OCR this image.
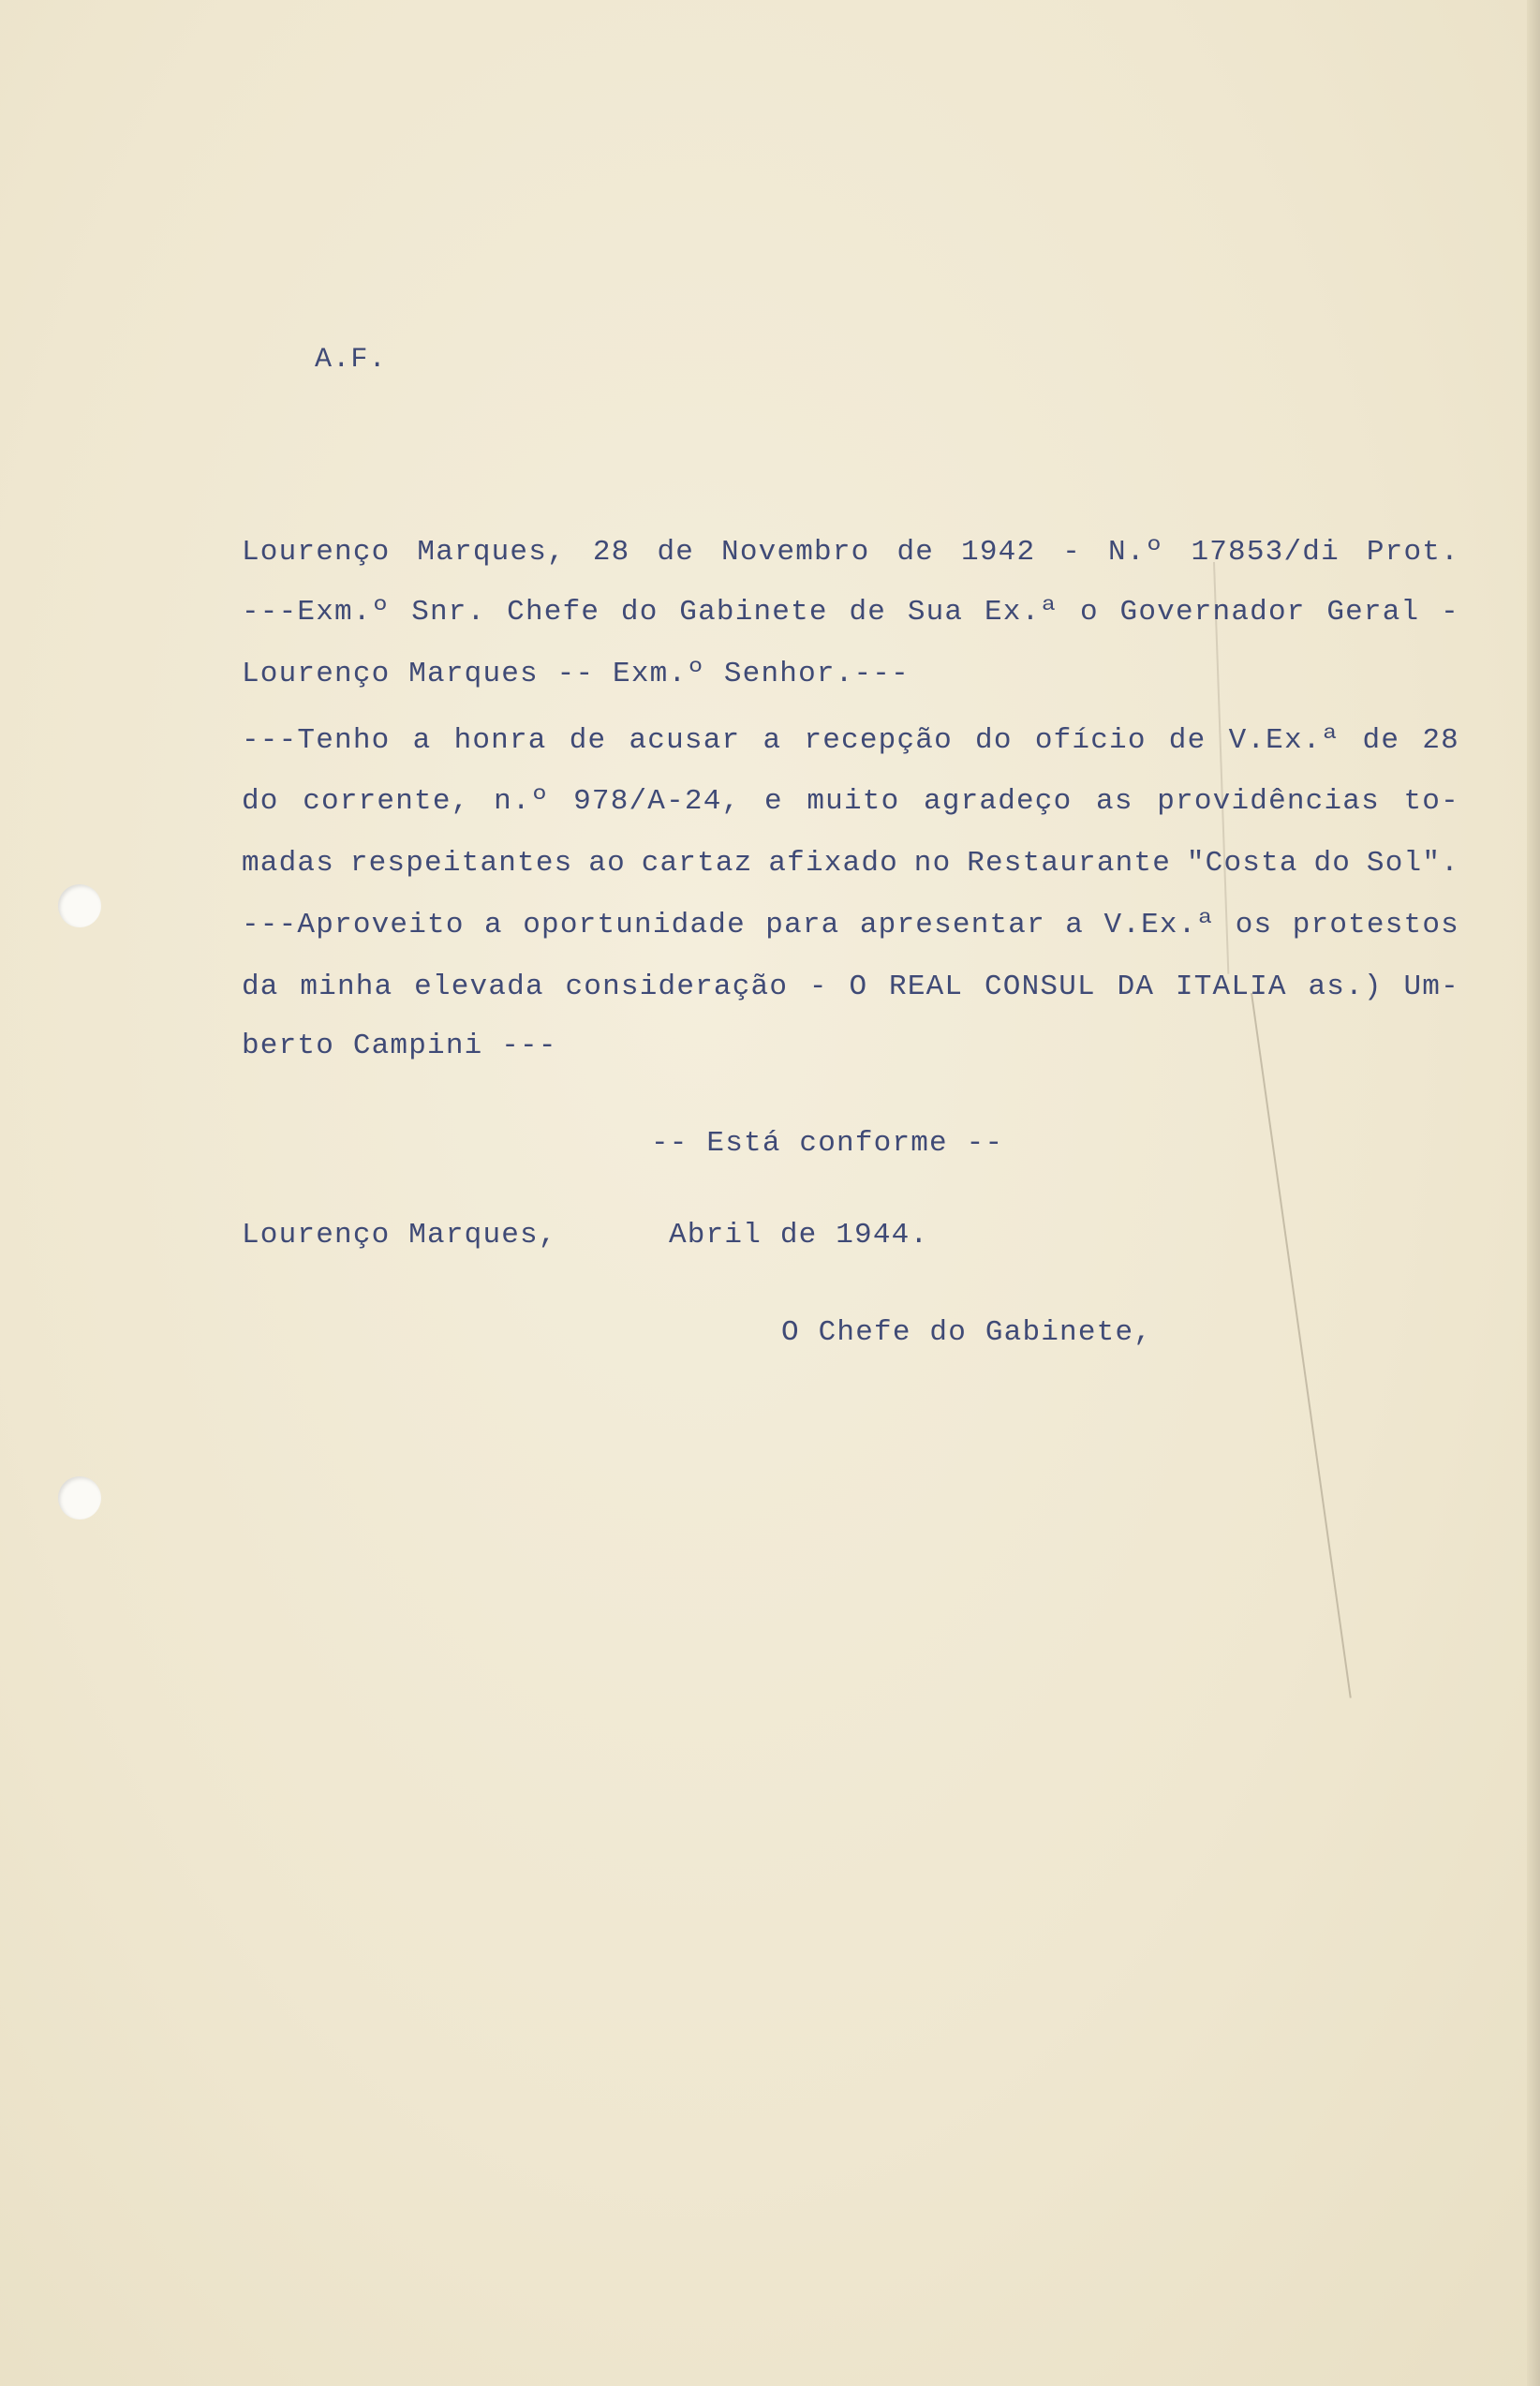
A.F.
Lourenço Marques, 28 de Novembro de 1942 - N.º 17853/di Prot.
---Exm.º Snr. Chefe do Gabinete de Sua Ex.ª o Governador Geral -
Lourenço Marques -- Exm.º Senhor.---
---Tenho a honra de acusar a recepção do ofício de V.Ex.ª de 28
do corrente, n.º 978/A-24, e muito agradeço as providências to-
madas respeitantes ao cartaz afixado no Restaurante "Costa do Sol".
---Aproveito a oportunidade para apresentar a V.Ex.ª os protestos
da minha elevada consideração - O REAL CONSUL DA ITALIA as.) Um-
berto Campini ---
-- Está conforme --
Lourenço Marques,	Abril de 1944.
O Chefe do Gabinete,
